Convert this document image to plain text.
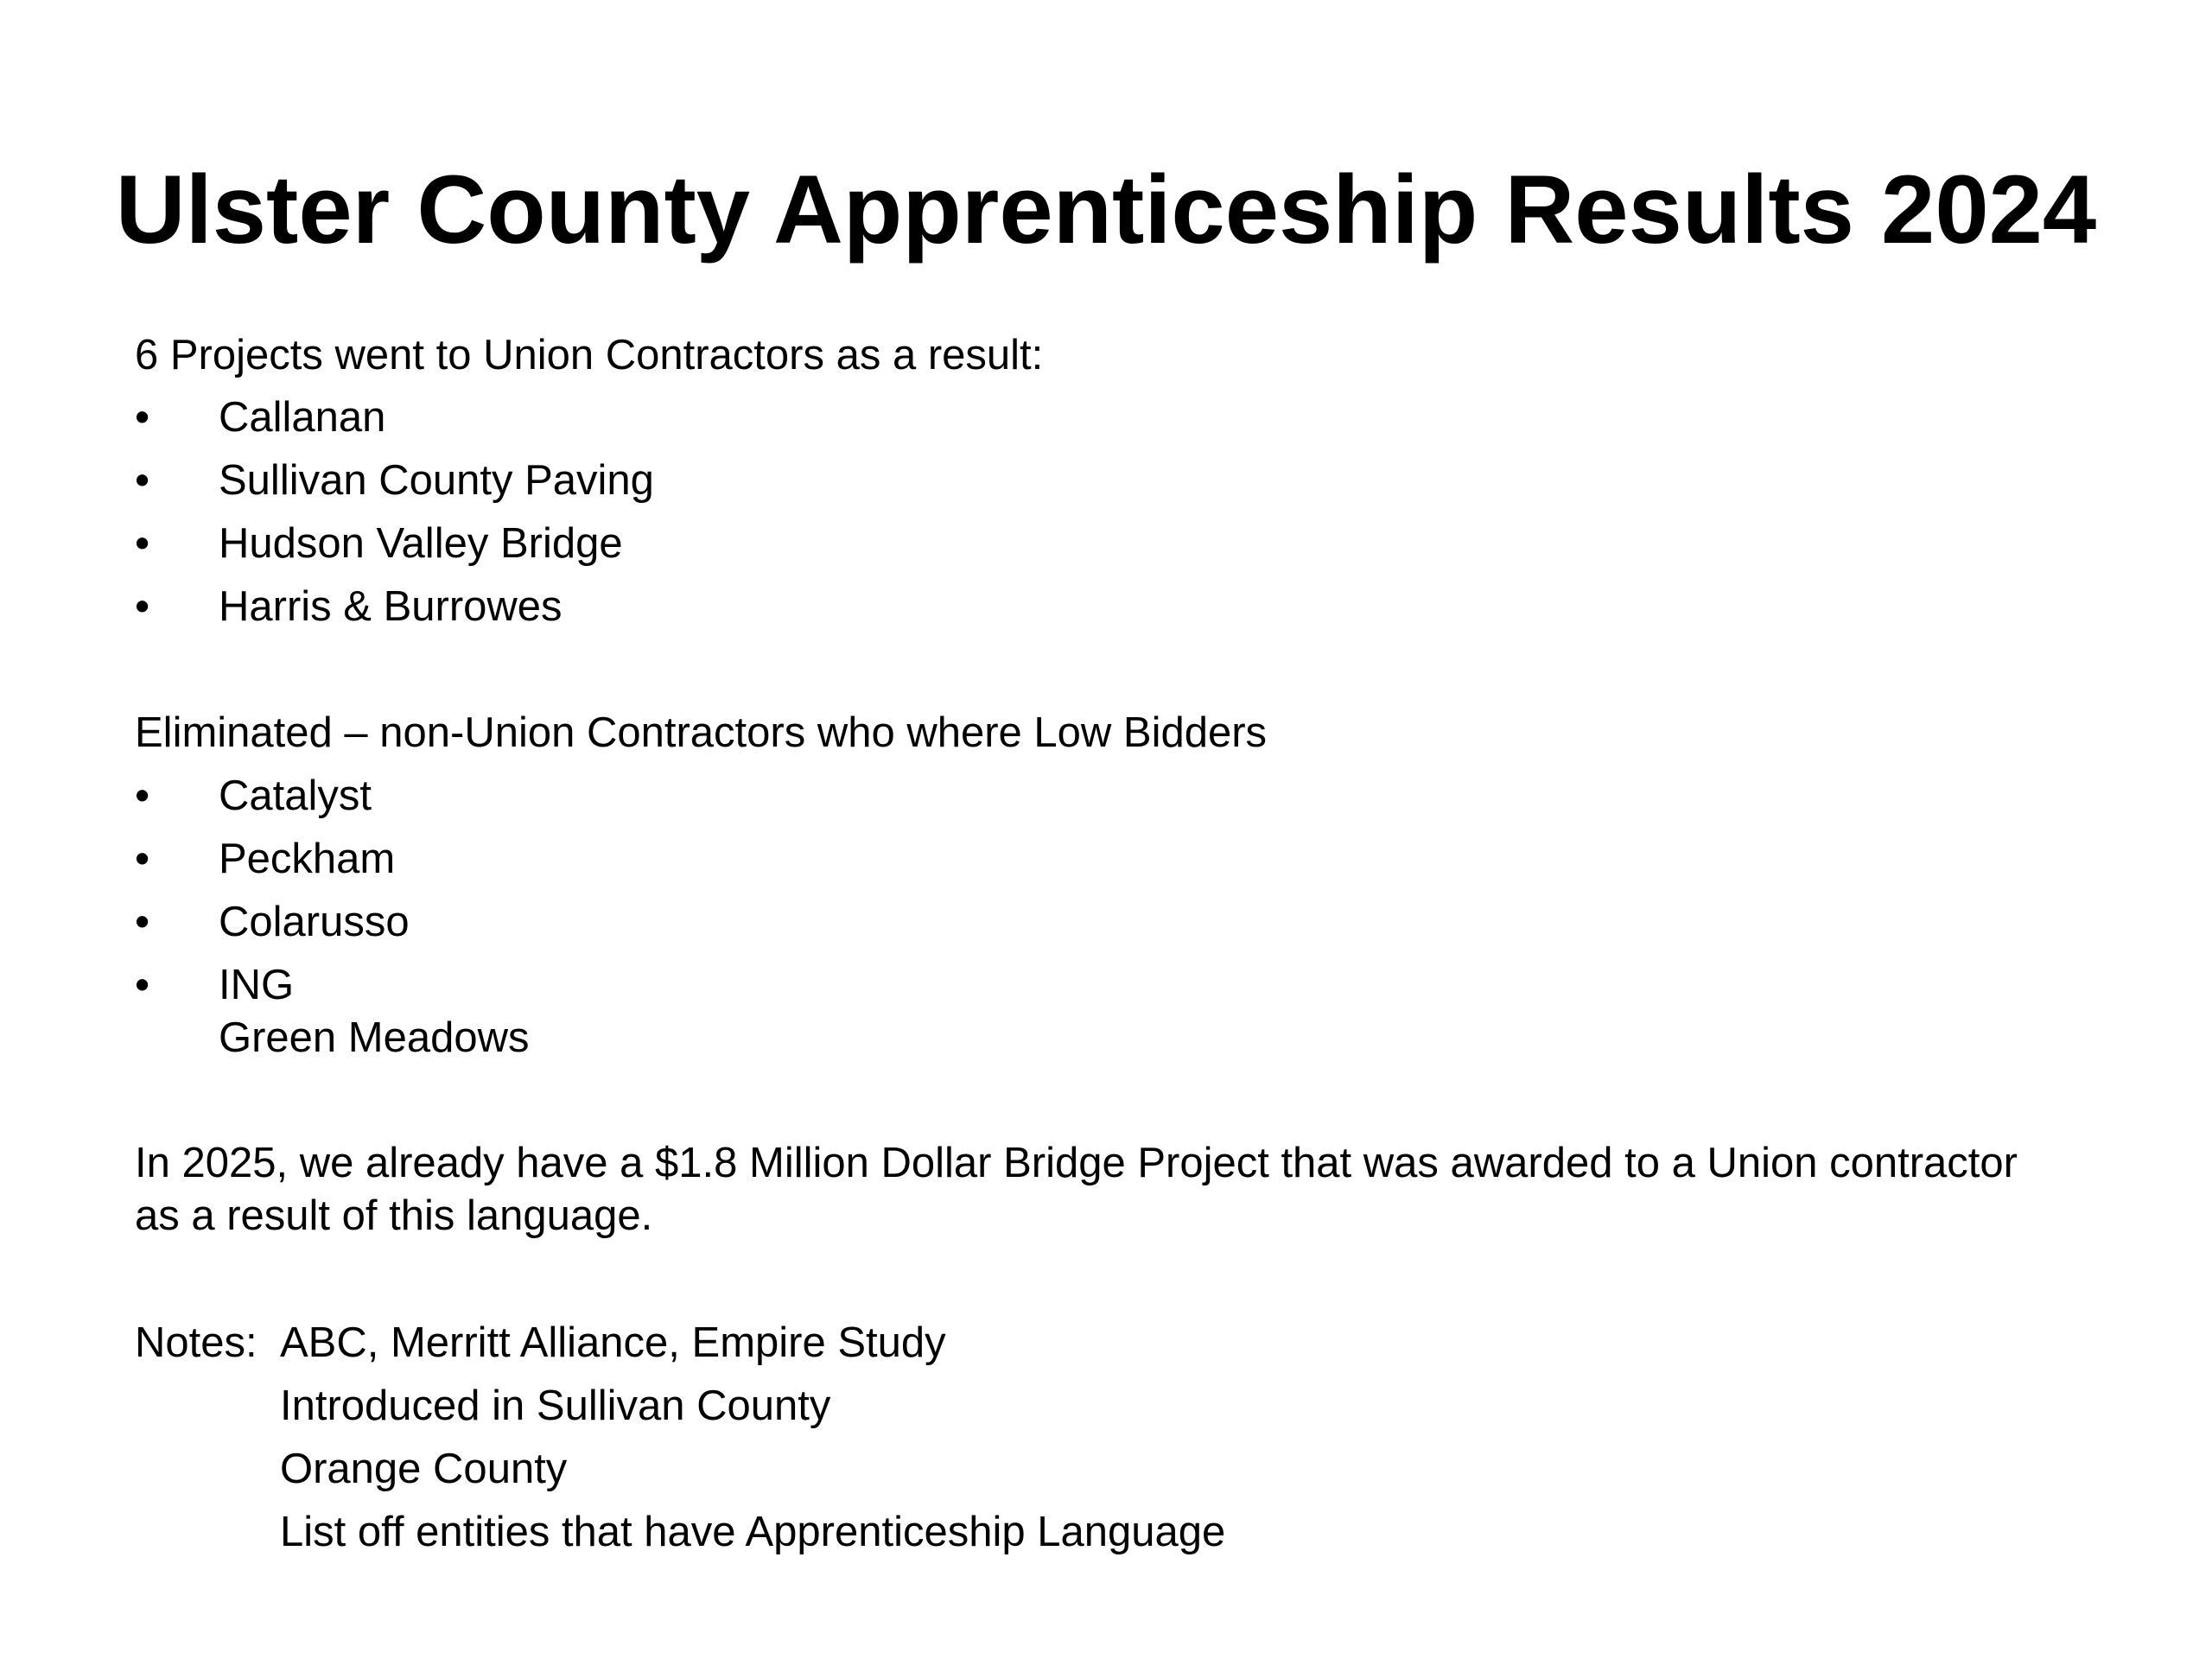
Ulster County Apprenticeship Results 2024
6 Projects went to Union Contractors as a result:
• Callanan
• Sullivan County Paving
• Hudson Valley Bridge
• Harris & Burrowes
Eliminated – non-Union Contractors who where Low Bidders
• Catalyst
• Peckham
• Colarusso
• ING
Green Meadows
In 2025, we already have a $1.8 Million Dollar Bridge Project that was awarded to a Union contractor
as a result of this language.
Notes: ABC, Merritt Alliance, Empire Study
Introduced in Sullivan County
Orange County
List off entities that have Apprenticeship Language
